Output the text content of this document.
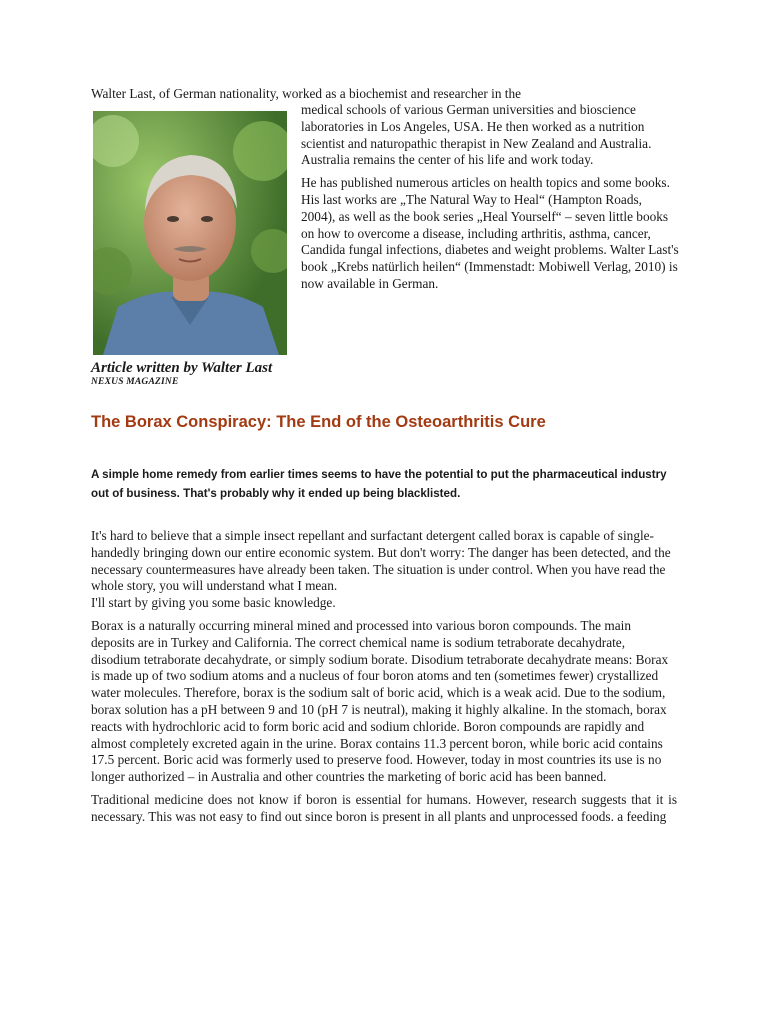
Walter Last, of German nationality, worked as a biochemist and researcher in the

medical schools of various German universities and bioscience laboratories in Los Angeles, USA. He then worked as a nutrition scientist and naturopathic therapist in New Zealand and Australia. Australia remains the center of his life and work today.

He has published numerous articles on health topics and some books. His last works are „The Natural Way to Heal“ (Hampton Roads, 2004), as well as the book series „Heal Yourself“ – seven little books on how to overcome a disease, including arthritis, asthma, cancer, Candida fungal infections, diabetes and weight problems. Walter Last's book „Krebs natürlich heilen“ (Immenstadt: Mobiwell Verlag, 2010) is now available in German.

Article written by Walter Last
NEXUS MAGAZINE
The Borax Conspiracy: The End of the Osteoarthritis Cure
A simple home remedy from earlier times seems to have the potential to put the pharmaceutical industry out of business. That's probably why it ended up being blacklisted.

It's hard to believe that a simple insect repellant and surfactant detergent called borax is capable of single-handedly bringing down our entire economic system. But don't worry: The danger has been detected, and the necessary countermeasures have already been taken. The situation is under control. When you have read the whole story, you will understand what I mean.

I'll start by giving you some basic knowledge.

Borax is a naturally occurring mineral mined and processed into various boron compounds. The main deposits are in Turkey and California. The correct chemical name is sodium tetraborate decahydrate, disodium tetraborate decahydrate, or simply sodium borate. Disodium tetraborate decahydrate means: Borax is made up of two sodium atoms and a nucleus of four boron atoms and ten (sometimes fewer) crystallized water molecules. Therefore, borax is the sodium salt of boric acid, which is a weak acid. Due to the sodium, borax solution has a pH between 9 and 10 (pH 7 is neutral), making it highly alkaline. In the stomach, borax reacts with hydrochloric acid to form boric acid and sodium chloride. Boron compounds are rapidly and almost completely excreted again in the urine. Borax contains 11.3 percent boron, while boric acid contains 17.5 percent. Boric acid was formerly used to preserve food. However, today in most countries its use is no longer authorized – in Australia and other countries the marketing of boric acid has been banned.

Traditional medicine does not know if boron is essential for humans. However, research suggests that it is necessary. This was not easy to find out since boron is present in all plants and unprocessed foods. a feeding
